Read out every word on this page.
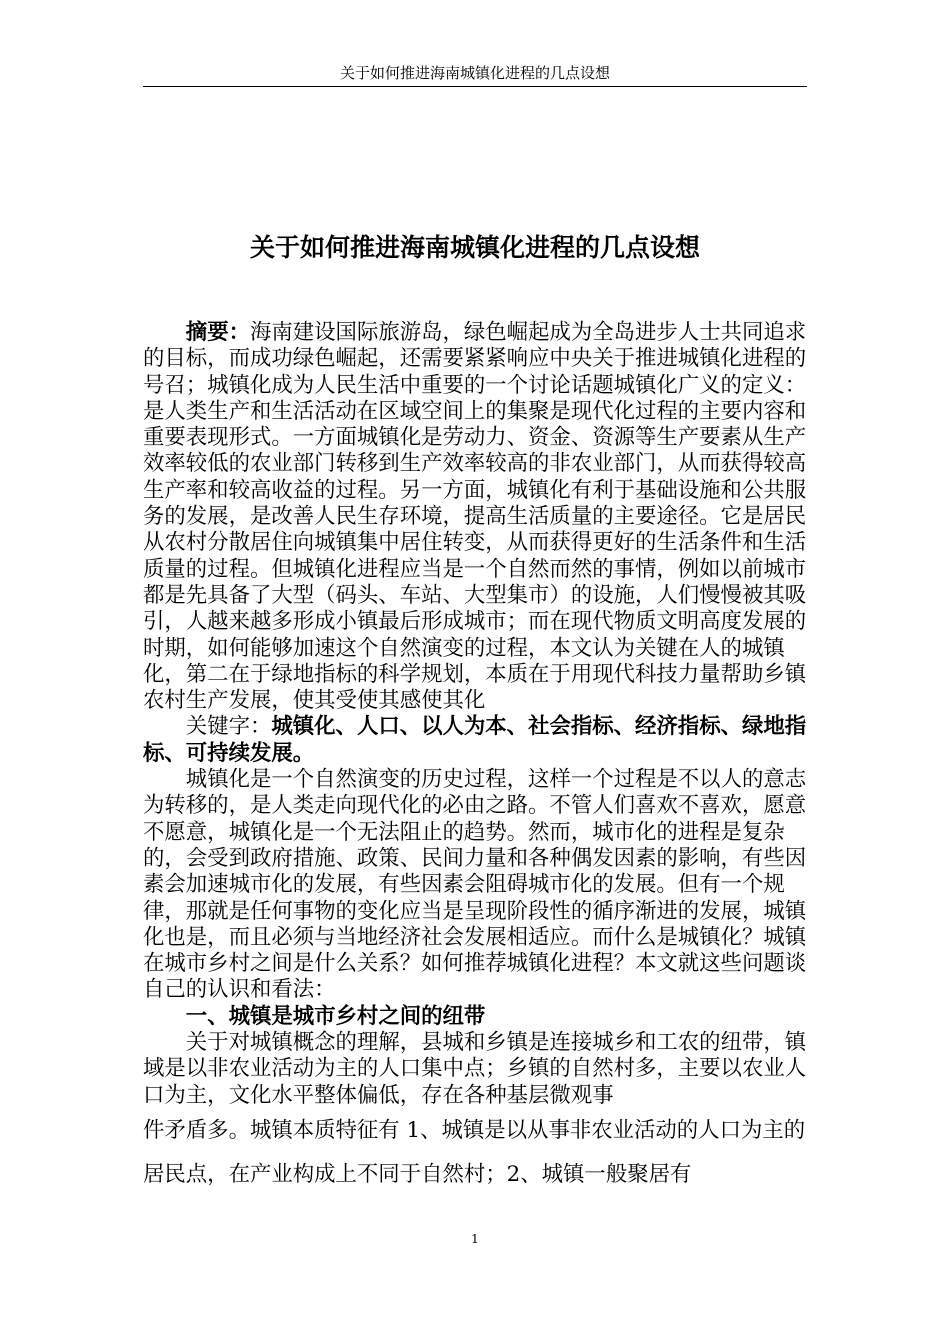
关于如何推进海南城镇化进程的几点设想
关于如何推进海南城镇化进程的几点设想

摘要：海南建设国际旅游岛，绿色崛起成为全岛进步人士共同追求的目标，而成功绿色崛起，还需要紧紧响应中央关于推进城镇化进程的号召；城镇化成为人民生活中重要的一个讨论话题城镇化广义的定义：是人类生产和生活活动在区域空间上的集聚是现代化过程的主要内容和重要表现形式。一方面城镇化是劳动力、资金、资源等生产要素从生产效率较低的农业部门转移到生产效率较高的非农业部门，从而获得较高生产率和较高收益的过程。另一方面，城镇化有利于基础设施和公共服务的发展，是改善人民生存环境，提高生活质量的主要途径。它是居民从农村分散居住向城镇集中居住转变，从而获得更好的生活条件和生活质量的过程。但城镇化进程应当是一个自然而然的事情，例如以前城市都是先具备了大型（码头、车站、大型集市）的设施，人们慢慢被其吸引，人越来越多形成小镇最后形成城市；而在现代物质文明高度发展的时期，如何能够加速这个自然演变的过程，本文认为关键在人的城镇化，第二在于绿地指标的科学规划，本质在于用现代科技力量帮助乡镇农村生产发展，使其受使其感使其化

关键字：城镇化、人口、以人为本、社会指标、经济指标、绿地指标、可持续发展。

城镇化是一个自然演变的历史过程，这样一个过程是不以人的意志为转移的，是人类走向现代化的必由之路。不管人们喜欢不喜欢，愿意不愿意，城镇化是一个无法阻止的趋势。然而，城市化的进程是复杂的，会受到政府措施、政策、民间力量和各种偶发因素的影响，有些因素会加速城市化的发展，有些因素会阻碍城市化的发展。但有一个规律，那就是任何事物的变化应当是呈现阶段性的循序渐进的发展，城镇化也是，而且必须与当地经济社会发展相适应。而什么是城镇化？城镇在城市乡村之间是什么关系？如何推荐城镇化进程？本文就这些问题谈自己的认识和看法：

一、城镇是城市乡村之间的纽带

关于对城镇概念的理解，县城和乡镇是连接城乡和工农的纽带，镇域是以非农业活动为主的人口集中点；乡镇的自然村多，主要以农业人口为主，文化水平整体偏低，存在各种基层微观事

件矛盾多。城镇本质特征有 1、城镇是以从事非农业活动的人口为主的居民点，在产业构成上不同于自然村；2、城镇一般聚居有

1
